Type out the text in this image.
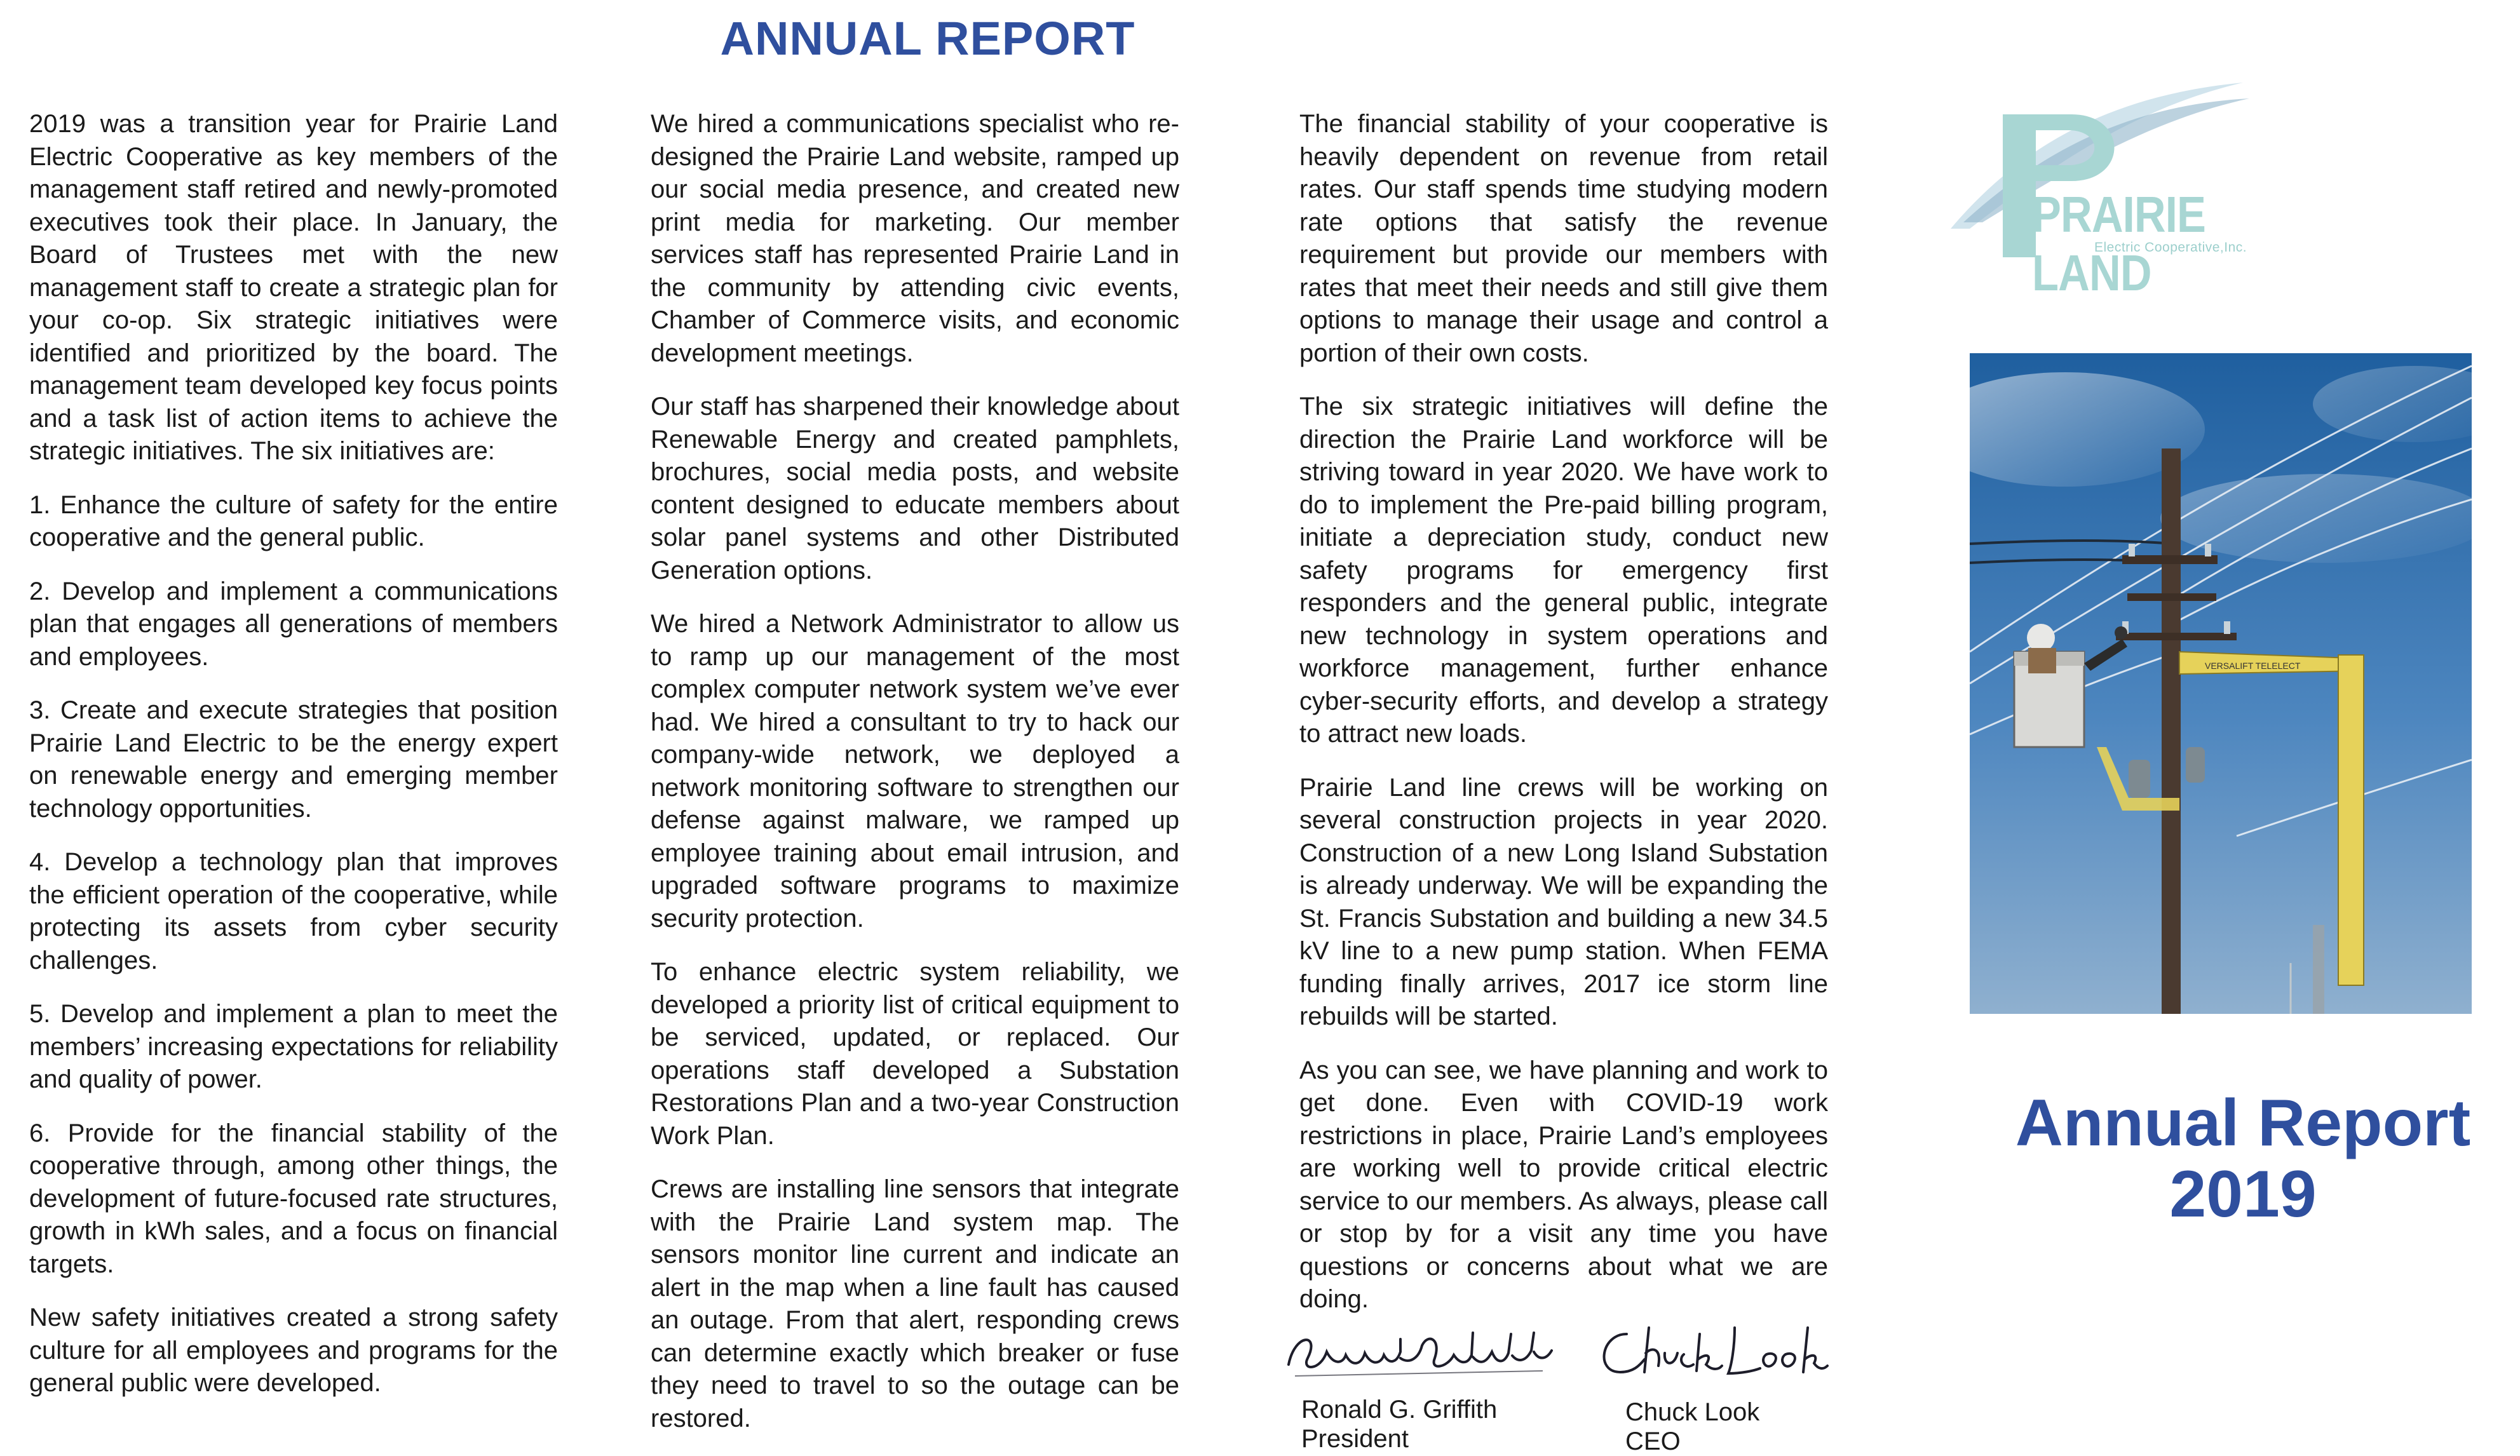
ANNUAL REPORT

2019 was a transition year for Prairie Land Electric Cooperative as key members of the management staff retired and newly-promoted executives took their place. In January, the Board of Trustees met with the new management staff to create a strategic plan for your co-op. Six strategic initiatives were identified and prioritized by the board. The management team developed key focus points and a task list of action items to achieve the strategic initiatives. The six initiatives are:

1. Enhance the culture of safety for the entire cooperative and the general public.

2. Develop and implement a communications plan that engages all generations of members and employees.

3. Create and execute strategies that position Prairie Land Electric to be the energy expert on renewable energy and emerging member technology opportunities.

4. Develop a technology plan that improves the efficient operation of the cooperative, while protecting its assets from cyber security challenges.

5. Develop and implement a plan to meet the members’ increasing expectations for reliability and quality of power.

6. Provide for the financial stability of the cooperative through, among other things, the development of future-focused rate structures, growth in kWh sales, and a focus on financial targets.

New safety initiatives created a strong safety culture for all employees and programs for the general public were developed.

We hired a communications specialist who re-designed the Prairie Land website, ramped up our social media presence, and created new print media for marketing. Our member services staff has represented Prairie Land in the community by attending civic events, Chamber of Commerce visits, and economic development meetings.

Our staff has sharpened their knowledge about Renewable Energy and created pamphlets, brochures, social media posts, and website content designed to educate members about solar panel systems and other Distributed Generation options.

We hired a Network Administrator to allow us to ramp up our management of the most complex computer network system we’ve ever had. We hired a consultant to try to hack our company-wide network, we deployed a network monitoring software to strengthen our defense against malware, we ramped up employee training about email intrusion, and upgraded software programs to maximize security protection.

To enhance electric system reliability, we developed a priority list of critical equipment to be serviced, updated, or replaced. Our operations staff developed a Substation Restorations Plan and a two-year Construction Work Plan.

Crews are installing line sensors that integrate with the Prairie Land system map. The sensors monitor line current and indicate an alert in the map when a line fault has caused an outage. From that alert, responding crews can determine exactly which breaker or fuse they need to travel to so the outage can be restored.

The financial stability of your cooperative is heavily dependent on revenue from retail rates. Our staff spends time studying modern rate options that satisfy the revenue requirement but provide our members with rates that meet their needs and still give them options to manage their usage and control a portion of their own costs.

The six strategic initiatives will define the direction the Prairie Land workforce will be striving toward in year 2020. We have work to do to implement the Pre-paid billing program, initiate a depreciation study, conduct new safety programs for emergency first responders and the general public, integrate new technology in system operations and workforce management, further enhance cyber-security efforts, and develop a strategy to attract new loads.

Prairie Land line crews will be working on several construction projects in year 2020. Construction of a new Long Island Substation is already underway. We will be expanding the St. Francis Substation and building a new 34.5 kV line to a new pump station. When FEMA funding finally arrives, 2017 ice storm line rebuilds will be started.

As you can see, we have planning and work to get done. Even with COVID-19 work restrictions in place, Prairie Land’s employees are working well to provide critical electric service to our members. As always, please call or stop by for a visit any time you have questions or concerns about what we are doing.

PRAIRIE LAND
Electric Cooperative,Inc.
VERSALIFT TELELECT
Annual Report
2019
Ronald G. Griffith
President
Chuck Look
CEO
